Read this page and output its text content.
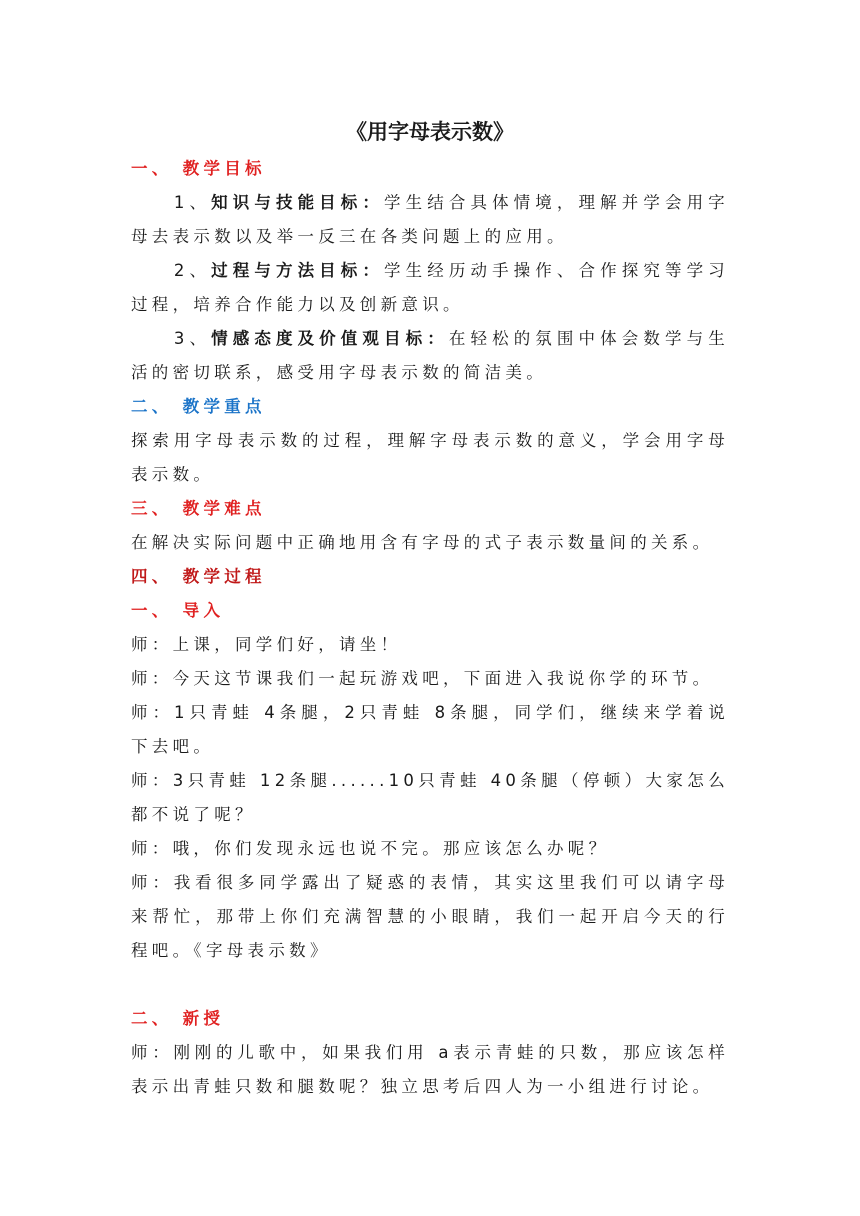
《用字母表示数》
一、 教学目标
1、知识与技能目标：学生结合具体情境，理解并学会用字母去表示数以及举一反三在各类问题上的应用。
2、过程与方法目标：学生经历动手操作、合作探究等学习过程，培养合作能力以及创新意识。
3、情感态度及价值观目标：在轻松的氛围中体会数学与生活的密切联系，感受用字母表示数的简洁美。
二、 教学重点
探索用字母表示数的过程，理解字母表示数的意义，学会用字母表示数。
三、 教学难点
在解决实际问题中正确地用含有字母的式子表示数量间的关系。
四、 教学过程
一、 导入
师：上课，同学们好，请坐！
师：今天这节课我们一起玩游戏吧，下面进入我说你学的环节。
师：1只青蛙 4条腿，2只青蛙 8条腿，同学们，继续来学着说下去吧。
师：3只青蛙 12条腿......10只青蛙 40条腿（停顿）大家怎么都不说了呢？
师：哦，你们发现永远也说不完。那应该怎么办呢？
师：我看很多同学露出了疑惑的表情，其实这里我们可以请字母来帮忙，那带上你们充满智慧的小眼睛，我们一起开启今天的行程吧。《字母表示数》
二、 新授
师：刚刚的儿歌中，如果我们用 a表示青蛙的只数，那应该怎样表示出青蛙只数和腿数呢？独立思考后四人为一小组进行讨论。
